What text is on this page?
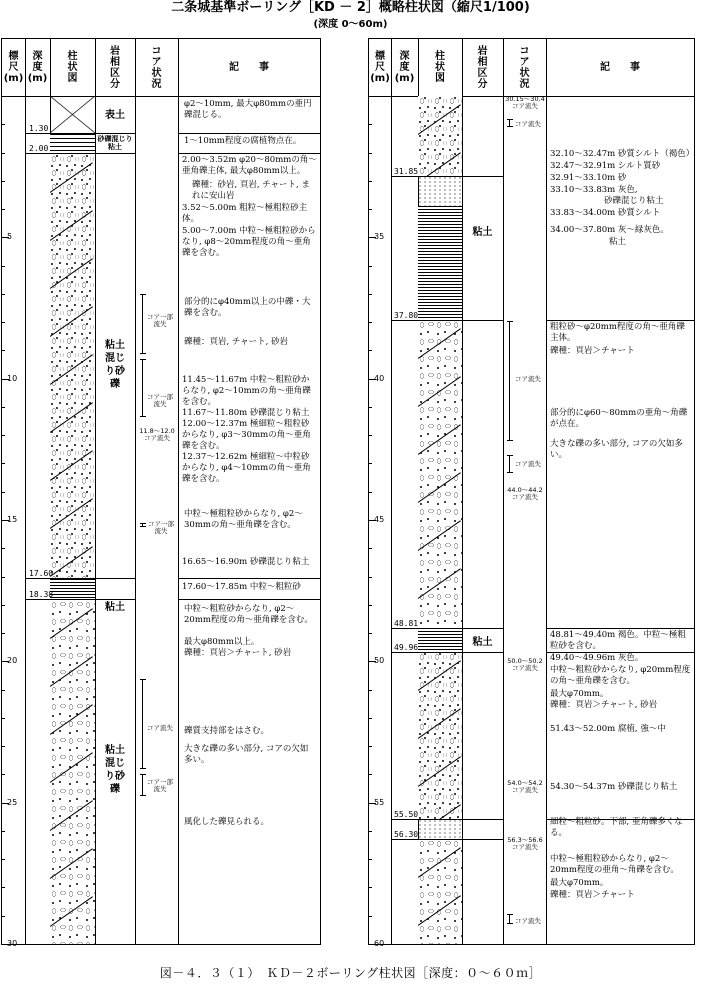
二条城基準ボーリング［KD － 2］概略柱状図（縮尺1/100)
(深度 0～60m)
標
尺
(m)
深
度
(m)
柱
状
図
岩
相
区
分
コ
ア
状
況
記　　事
1.30
2.00
17.60
18.38
表土
砂礫混じり粘土
粘土混じり砂礫
粘土
粘土混じり砂礫
コア一部流失
コア一部流失
11.8～12.0 コア流失
コア一部流失
コア流失
コア一部流失
φ2～10mm, 最大φ80mmの亜円礫混じる。
1～10mm程度の腐植物点在。
2.00～3.52m φ20～80mmの角～亜角礫主体, 最大φ80mm以上。
礫種：砂岩, 頁岩, チャート, まれに安山岩
3.52～5.00m 粗粒～極粗粒砂主体。
5.00～7.00m 中粒～極粗粒砂からなり, φ8～20mm程度の角～亜角礫を含む。
部分的にφ40mm以上の中礫・大礫を含む。
礫種：頁岩, チャート, 砂岩
11.45～11.67m 中粒～粗粒砂からなり, φ2～10mmの角～亜角礫を含む。
11.67～11.80m 砂礫混じり粘土
12.00～12.37m 極細粒～粗粒砂からなり, φ3～30mmの角～亜角礫を含む。
12.37～12.62m 極細粒～中粒砂からなり, φ4～10mmの角～亜角礫を含む。
中粒～極粗粒砂からなり, φ2～30mmの角～亜角礫を含む。
16.65～16.90m 砂礫混じり粘土
17.60～17.85m 中粒～粗粒砂
中粒～粗粒砂からなり, φ2～20mm程度の角～亜角礫を含む。
最大φ80mm以上。
礫種：頁岩＞チャート, 砂岩
礫質支持部をはさむ。
大きな礫の多い部分, コアの欠如多い。
風化した礫見られる。
5
10
15
20
25
30
標
尺
(m)
深
度
(m)
柱
状
図
岩
相
区
分
コ
ア
状
況
記　　事
31.85
37.80
48.81
49.96
55.50
56.30
粘土
粘土
30.15～30.4 コア流失
コア流失
コア流失
コア流失
44.0～44.2 コア流失
50.0～50.2 コア流失
54.0～54.2 コア流失
56.3～56.6 コア流失
コア流失
32.10～32.47m 砂質シルト（褐色）
32.47～32.91m シルト質砂
32.91～33.10m 砂
33.10～33.83m 灰色,
砂礫混じり粘土
33.83～34.00m 砂質シルト
34.00～37.80m 灰～緑灰色。
粘土
粗粒砂～φ20mm程度の角～亜角礫主体。
礫種：頁岩＞チャート
部分的にφ60～80mmの亜角～角礫が点在。
大きな礫の多い部分, コアの欠如多い。
48.81～49.40m 褐色。中粒～極粗粒砂を含む。
49.40～49.96m 灰色。
中粒～粗粒砂からなり, φ20mm程度の角～亜角礫を含む。
最大φ70mm。
礫種：頁岩＞チャート, 砂岩
51.43～52.00m 腐植, 強～中
54.30～54.37m 砂礫混じり粘土
細粒～粗粒砂。下部, 亜角礫多くなる。
中粒～極粗粒砂からなり, φ2～20mm程度の亜角～角礫を含む。
最大φ70mm。
礫種：頁岩＞チャート
35
40
45
50
55
60
図－４．３（１）　ＫＤ－２ボーリング柱状図［深度：０～６０ｍ］
